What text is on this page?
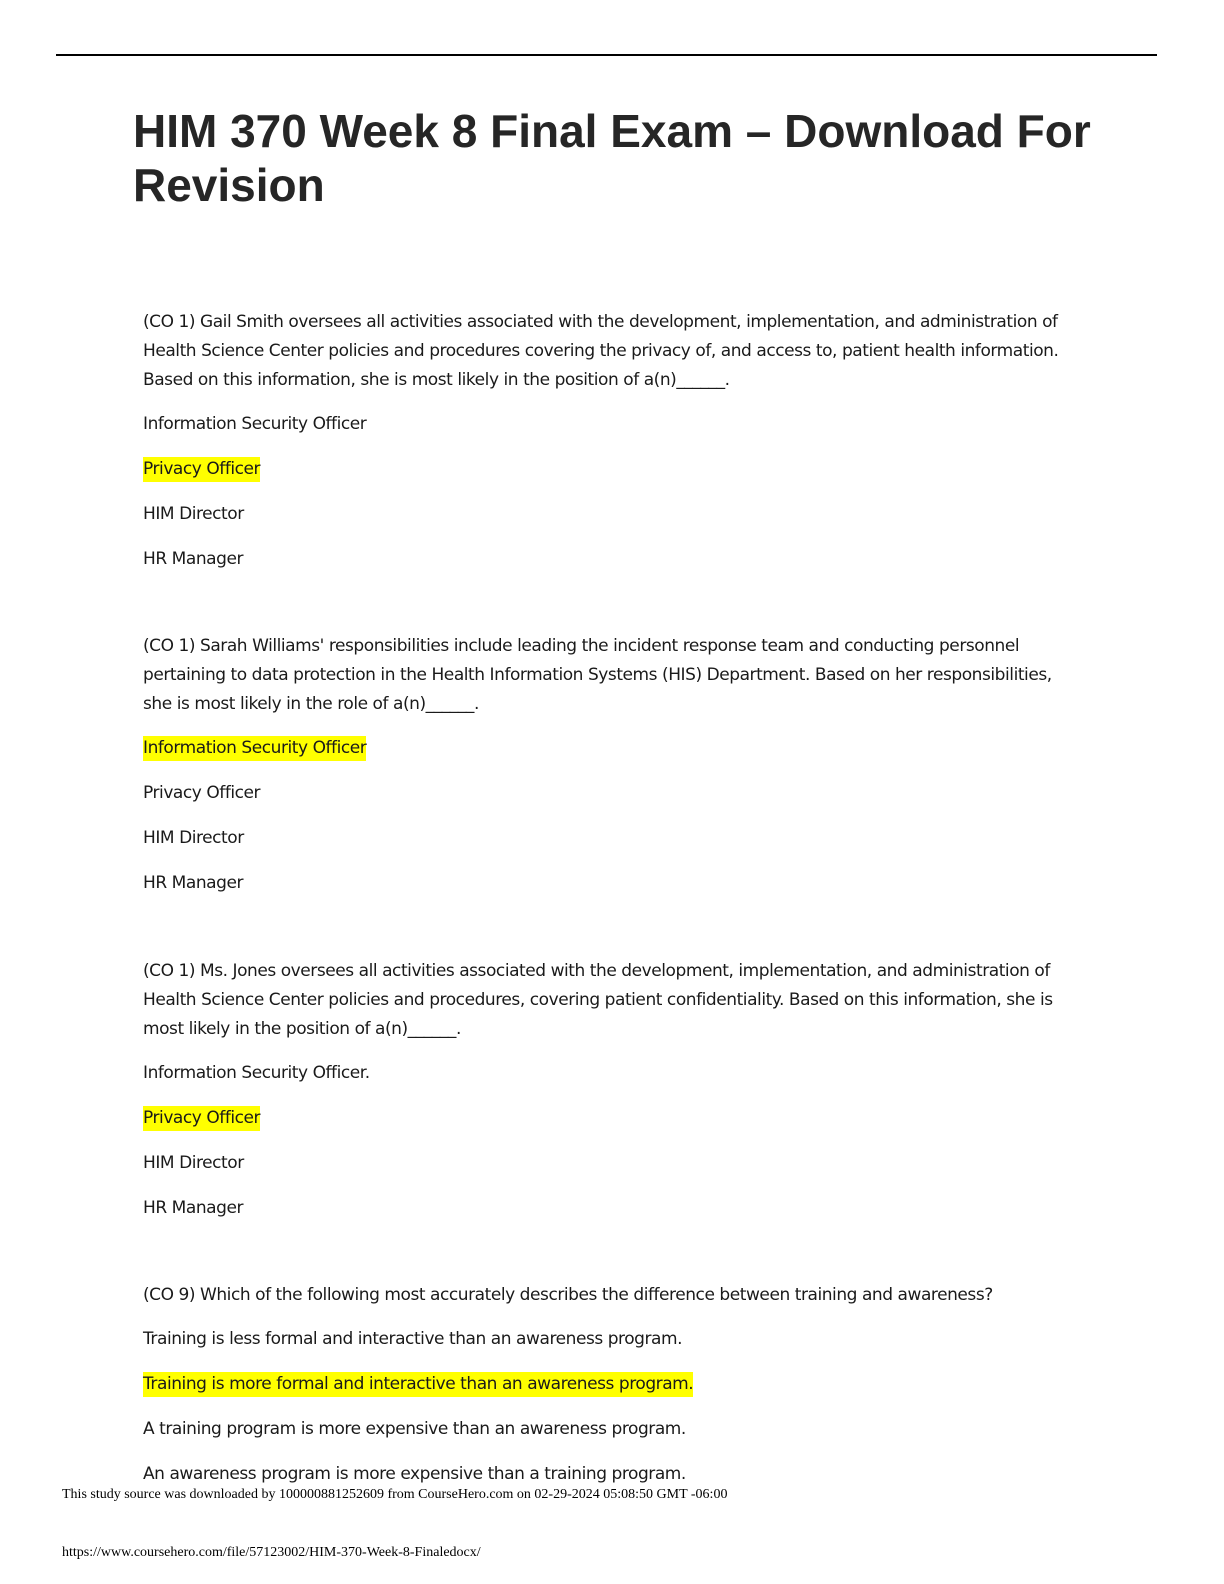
HIM 370 Week 8 Final Exam – Download For Revision

(CO 1) Gail Smith oversees all activities associated with the development, implementation, and administration of Health Science Center policies and procedures covering the privacy of, and access to, patient health information. Based on this information, she is most likely in the position of a(n)______.

Information Security Officer
Privacy Officer
HIM Director
HR Manager

(CO 1) Sarah Williams' responsibilities include leading the incident response team and conducting personnel pertaining to data protection in the Health Information Systems (HIS) Department. Based on her responsibilities, she is most likely in the role of a(n)______.

Information Security Officer
Privacy Officer
HIM Director
HR Manager

(CO 1) Ms. Jones oversees all activities associated with the development, implementation, and administration of Health Science Center policies and procedures, covering patient confidentiality. Based on this information, she is most likely in the position of a(n)______.

Information Security Officer.
Privacy Officer
HIM Director
HR Manager

(CO 9) Which of the following most accurately describes the difference between training and awareness?

Training is less formal and interactive than an awareness program.
Training is more formal and interactive than an awareness program.
A training program is more expensive than an awareness program.
An awareness program is more expensive than a training program.
This study source was downloaded by 100000881252609 from CourseHero.com on 02-29-2024 05:08:50 GMT -06:00
https://www.coursehero.com/file/57123002/HIM-370-Week-8-Finaledocx/
